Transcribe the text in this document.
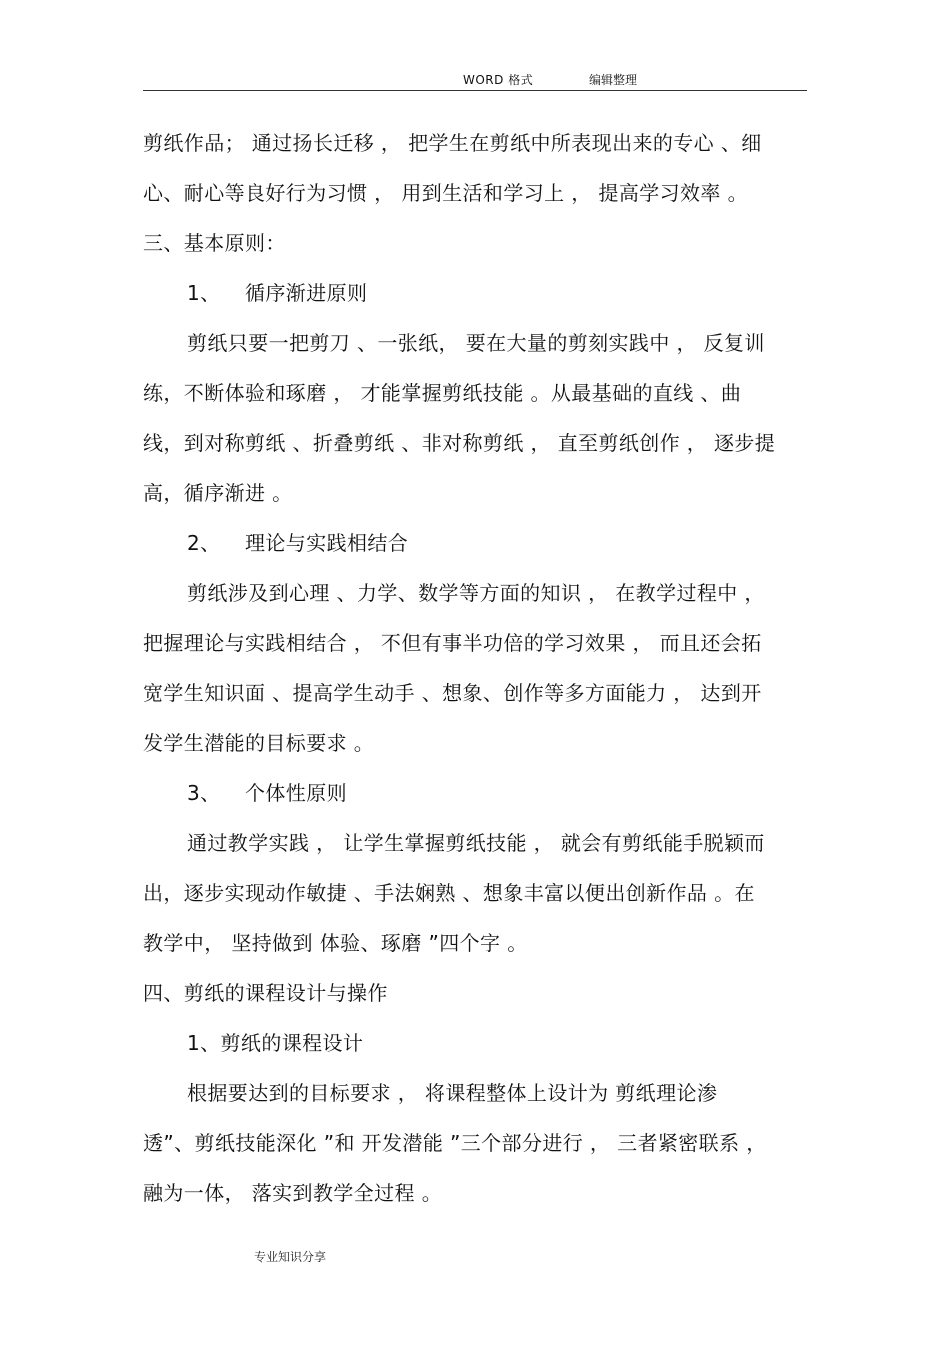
WORD 格式	编辑整理
剪纸作品； 通过扬长迁移 ， 把学生在剪纸中所表现出来的专心 、细
心、耐心等良好行为习惯 ， 用到生活和学习上 ， 提高学习效率 。
三、基本原则：
1、 循序渐进原则
剪纸只要一把剪刀 、一张纸， 要在大量的剪刻实践中 ， 反复训
练，不断体验和琢磨 ， 才能掌握剪纸技能 。从最基础的直线 、曲
线，到对称剪纸 、折叠剪纸 、非对称剪纸 ， 直至剪纸创作 ， 逐步提
高，循序渐进 。
2、 理论与实践相结合
剪纸涉及到心理 、力学、数学等方面的知识 ， 在教学过程中 ，
把握理论与实践相结合 ， 不但有事半功倍的学习效果 ， 而且还会拓
宽学生知识面 、提高学生动手 、想象、创作等多方面能力 ， 达到开
发学生潜能的目标要求 。
3、 个体性原则
通过教学实践 ， 让学生掌握剪纸技能 ， 就会有剪纸能手脱颖而
出，逐步实现动作敏捷 、手法娴熟 、想象丰富以便出创新作品 。在
教学中， 坚持做到 体验、琢磨 ”四个字 。
四、剪纸的课程设计与操作
1、剪纸的课程设计
根据要达到的目标要求 ， 将课程整体上设计为 剪纸理论渗
透”、剪纸技能深化 ”和 开发潜能 ”三个部分进行 ， 三者紧密联系 ，
融为一体， 落实到教学全过程 。
专业知识分享
